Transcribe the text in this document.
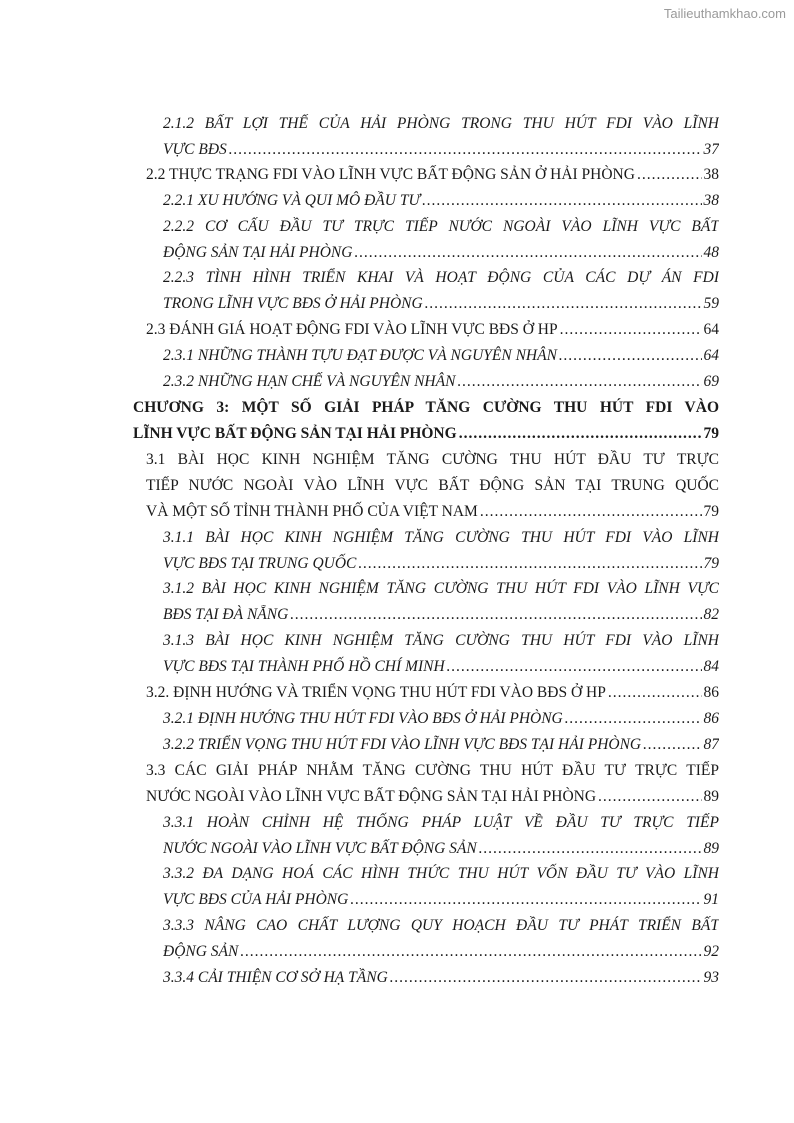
Tailieuthamkhao.com
2.1.2 BẤT LỢI THẾ CỦA HẢI PHÒNG TRONG THU HÚT FDI VÀO LĨNH
VỰC BĐS .....	37
2.2 THỰC TRẠNG FDI VÀO LĨNH VỰC BẤT ĐỘNG SẢN Ở HẢI PHÒNG .....	38
2.2.1 XU HƯỚNG VÀ QUI MÔ ĐẦU TƯ .....	38
2.2.2 CƠ CẤU ĐẦU TƯ TRỰC TIẾP NƯỚC NGOÀI VÀO LĨNH VỰC BẤT
ĐỘNG SẢN TẠI HẢI PHÒNG .....	48
2.2.3 TÌNH HÌNH TRIỂN KHAI VÀ HOẠT ĐỘNG CỦA CÁC DỰ ÁN FDI
TRONG LĨNH VỰC BĐS Ở HẢI PHÒNG .....	59
2.3 ĐÁNH GIÁ HOẠT ĐỘNG FDI VÀO LĨNH VỰC BĐS Ở HP .....	64
2.3.1 NHỮNG THÀNH TỰU ĐẠT ĐƯỢC VÀ NGUYÊN NHÂN .....	64
2.3.2 NHỮNG HẠN CHẾ VÀ NGUYÊN NHÂN .....	69
CHƯƠNG 3: MỘT SỐ GIẢI PHÁP TĂNG CƯỜNG THU HÚT FDI VÀO
LĨNH VỰC BẤT ĐỘNG SẢN TẠI HẢI PHÒNG .....	79
3.1 BÀI HỌC KINH NGHIỆM TĂNG CƯỜNG THU HÚT ĐẦU TƯ TRỰC
TIẾP NƯỚC NGOÀI VÀO LĨNH VỰC BẤT ĐỘNG SẢN TẠI TRUNG QUỐC
VÀ MỘT SỐ TỈNH THÀNH PHỐ CỦA VIỆT NAM .....	79
3.1.1 BÀI HỌC KINH NGHIỆM TĂNG CƯỜNG THU HÚT FDI VÀO LĨNH
VỰC BĐS TẠI TRUNG QUỐC .....	79
3.1.2 BÀI HỌC KINH NGHIỆM TĂNG CƯỜNG THU HÚT FDI VÀO LĨNH VỰC
BĐS TẠI ĐÀ NẴNG .....	82
3.1.3 BÀI HỌC KINH NGHIỆM TĂNG CƯỜNG THU HÚT FDI VÀO LĨNH
VỰC BĐS TẠI THÀNH PHỐ HỒ CHÍ MINH .....	84
3.2. ĐỊNH HƯỚNG VÀ TRIỂN VỌNG THU HÚT FDI VÀO BĐS Ở HP .....	86
3.2.1 ĐỊNH HƯỚNG THU HÚT FDI VÀO BĐS Ở HẢI PHÒNG .....	86
3.2.2 TRIỂN VỌNG THU HÚT FDI VÀO LĨNH VỰC BĐS TẠI HẢI PHÒNG .....	87
3.3 CÁC GIẢI PHÁP NHẰM TĂNG CƯỜNG THU HÚT ĐẦU TƯ TRỰC TIẾP
NƯỚC NGOÀI VÀO LĨNH VỰC BẤT ĐỘNG SẢN TẠI HẢI PHÒNG .....	89
3.3.1 HOÀN CHỈNH HỆ THỐNG PHÁP LUẬT VỀ ĐẦU TƯ TRỰC TIẾP
NƯỚC NGOÀI VÀO LĨNH VỰC BẤT ĐỘNG SẢN .....	89
3.3.2 ĐA DẠNG HOÁ CÁC HÌNH THỨC THU HÚT VỐN ĐẦU TƯ VÀO LĨNH
VỰC BĐS CỦA HẢI PHÒNG .....	91
3.3.3 NÂNG CAO CHẤT LƯỢNG QUY HOẠCH ĐẦU TƯ PHÁT TRIỂN BẤT
ĐỘNG SẢN .....	92
3.3.4 CẢI THIỆN CƠ SỞ HẠ TẦNG .....	93
